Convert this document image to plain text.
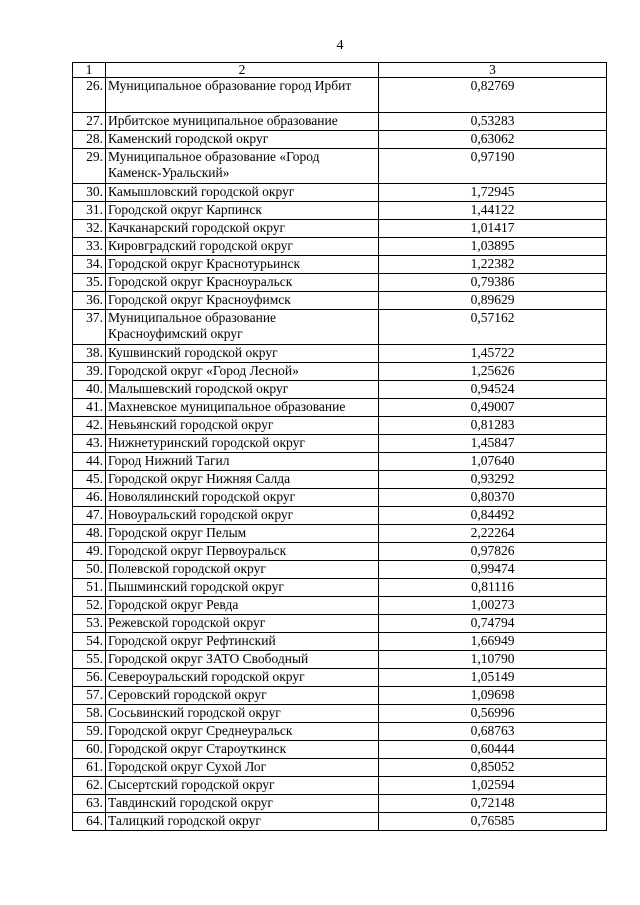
4
1	2	3
26.	Муниципальное образование город Ирбит	0,82769
27.	Ирбитское муниципальное образование	0,53283
28.	Каменский городской округ	0,63062
29.	Муниципальное образование «Город Каменск-Уральский»	0,97190
30.	Камышловский городской округ	1,72945
31.	Городской округ Карпинск	1,44122
32.	Качканарский городской округ	1,01417
33.	Кировградский городской округ	1,03895
34.	Городской округ Краснотурьинск	1,22382
35.	Городской округ Красноуральск	0,79386
36.	Городской округ Красноуфимск	0,89629
37.	Муниципальное образование Красноуфимский округ	0,57162
38.	Кушвинский городской округ	1,45722
39.	Городской округ «Город Лесной»	1,25626
40.	Малышевский городской округ	0,94524
41.	Махневское муниципальное образование	0,49007
42.	Невьянский городской округ	0,81283
43.	Нижнетуринский городской округ	1,45847
44.	Город Нижний Тагил	1,07640
45.	Городской округ Нижняя Салда	0,93292
46.	Новолялинский городской округ	0,80370
47.	Новоуральский городской округ	0,84492
48.	Городской округ Пелым	2,22264
49.	Городской округ Первоуральск	0,97826
50.	Полевской городской округ	0,99474
51.	Пышминский городской округ	0,81116
52.	Городской округ Ревда	1,00273
53.	Режевской городской округ	0,74794
54.	Городской округ Рефтинский	1,66949
55.	Городской округ ЗАТО Свободный	1,10790
56.	Североуральский городской округ	1,05149
57.	Серовский городской округ	1,09698
58.	Сосьвинский городской округ	0,56996
59.	Городской округ Среднеуральск	0,68763
60.	Городской округ Староуткинск	0,60444
61.	Городской округ Сухой Лог	0,85052
62.	Сысертский городской округ	1,02594
63.	Тавдинский городской округ	0,72148
64.	Талицкий городской округ	0,76585
